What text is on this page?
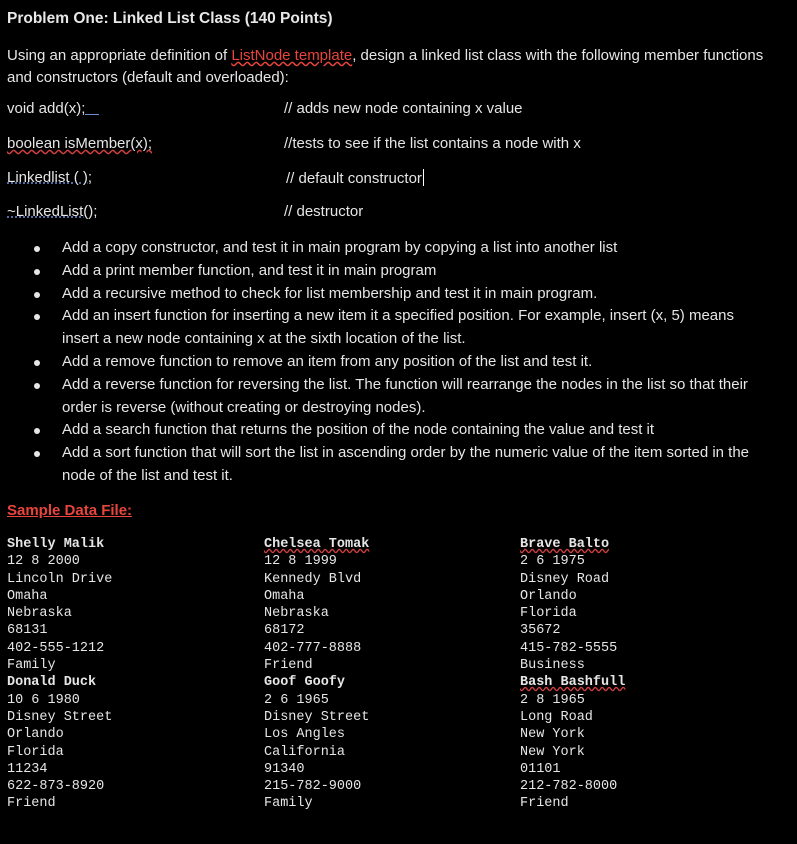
Problem One: Linked List Class (140 Points)
Using an appropriate definition of ListNode template, design a linked list class with the following member functions and constructors (default and overloaded):
void add(x);	// adds new node containing x value
boolean isMember(x);	//tests to see if the list contains a node with x
Linkedlist ( );	// default constructor
~LinkedList();	// destructor
Add a copy constructor, and test it in main program by copying a list into another list
Add a print member function, and test it in main program
Add a recursive method to check for list membership and test it in main program.
Add an insert function for inserting a new item it a specified position. For example, insert (x, 5) means insert a new node containing x at the sixth location of the list.
Add a remove function to remove an item from any position of the list and test it.
Add a reverse function for reversing the list. The function will rearrange the nodes in the list so that their order is reverse (without creating or destroying nodes).
Add a search function that returns the position of the node containing the value and test it
Add a sort function that will sort the list in ascending order by the numeric value of the item sorted in the node of the list and test it.
Sample Data File:
Shelly Malik
12 8 2000
Lincoln Drive
Omaha
Nebraska
68131
402-555-1212
Family
Donald Duck
10 6 1980
Disney Street
Orlando
Florida
11234
622-873-8920
Friend
Chelsea Tomak
12 8 1999
Kennedy Blvd
Omaha
Nebraska
68172
402-777-8888
Friend
Goof Goofy
2 6 1965
Disney Street
Los Angles
California
91340
215-782-9000
Family
Brave Balto
2 6 1975
Disney Road
Orlando
Florida
35672
415-782-5555
Business
Bash Bashfull
2 8 1965
Long Road
New York
New York
01101
212-782-8000
Friend
